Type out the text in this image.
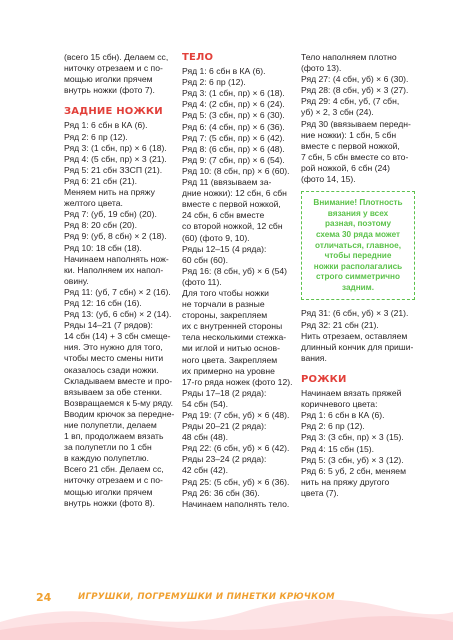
(всего 15 сбн). Делаем сс,
ниточку отрезаем и с по-
мощью иголки прячем
внутрь ножки (фото 7).

ЗАДНИЕ НОЖКИ

Ряд 1: 6 сбн в КА (6).
Ряд 2: 6 пр (12).
Ряд 3: (1 сбн, пр) × 6 (18).
Ряд 4: (5 сбн, пр) × 3 (21).
Ряд 5: 21 сбн ЗЗСП (21).
Ряд 6: 21 сбн (21).
Меняем нить на пряжу
желтого цвета.
Ряд 7: (уб, 19 сбн) (20).
Ряд 8: 20 сбн (20).
Ряд 9: (уб, 8 сбн) × 2 (18).
Ряд 10: 18 сбн (18).
Начинаем наполнять нож-
ки. Наполняем их напол-
овину.
Ряд 11: (уб, 7 сбн) × 2 (16).
Ряд 12: 16 сбн (16).
Ряд 13: (уб, 6 сбн) × 2 (14).
Ряды 14–21 (7 рядов):
14 сбн (14) + 3 сбн смеще-
ния. Это нужно для того,
чтобы место смены нити
оказалось сзади ножки.
Складываем вместе и про-
вязываем за обе стенки.
Возвращаемся к 5-му ряду.
Вводим крючок за передне-
ние полупетли, делаем
1 вп, продолжаем вязать
за полупетли по 1 сбн
в каждую полупетлю.
Всего 21 сбн. Делаем сс,
ниточку отрезаем и с по-
мощью иголки прячем
внутрь ножки (фото 8).

ТЕЛО

Ряд 1: 6 сбн в КА (6).
Ряд 2: 6 пр (12).
Ряд 3: (1 сбн, пр) × 6 (18).
Ряд 4: (2 сбн, пр) × 6 (24).
Ряд 5: (3 сбн, пр) × 6 (30).
Ряд 6: (4 сбн, пр) × 6 (36).
Ряд 7: (5 сбн, пр) × 6 (42).
Ряд 8: (6 сбн, пр) × 6 (48).
Ряд 9: (7 сбн, пр) × 6 (54).
Ряд 10: (8 сбн, пр) × 6 (60).
Ряд 11 (ввязываем за-
дние ножки): 12 сбн, 6 сбн
вместе с первой ножкой,
24 сбн, 6 сбн вместе
со второй ножкой, 12 сбн
(60) (фото 9, 10).
Ряды 12–15 (4 ряда):
60 сбн (60).
Ряд 16: (8 сбн, уб) × 6 (54)
(фото 11).
Для того чтобы ножки
не торчали в разные
стороны, закрепляем
их с внутренней стороны
тела несколькими стежка-
ми иглой и нитью основ-
ного цвета. Закрепляем
их примерно на уровне
17-го ряда ножек (фото 12).
Ряды 17–18 (2 ряда):
54 сбн (54).
Ряд 19: (7 сбн, уб) × 6 (48).
Ряды 20–21 (2 ряда):
48 сбн (48).
Ряд 22: (6 сбн, уб) × 6 (42).
Ряды 23–24 (2 ряда):
42 сбн (42).
Ряд 25: (5 сбн, уб) × 6 (36).
Ряд 26: 36 сбн (36).
Начинаем наполнять тело.

Тело наполняем плотно
(фото 13).
Ряд 27: (4 сбн, уб) × 6 (30).
Ряд 28: (8 сбн, уб) × 3 (27).
Ряд 29: 4 сбн, уб, (7 сбн,
уб) × 2, 3 сбн (24).
Ряд 30 (ввязываем передн-
ние ножки): 1 сбн, 5 сбн
вместе с первой ножкой,
7 сбн, 5 сбн вместе со вто-
рой ножкой, 6 сбн (24)
(фото 14, 15).

Внимание! Плотность
вязания у всех
разная, поэтому
схема 30 ряда может
отличаться, главное,
чтобы передние
ножки располагались
строго симметрично
задним.

Ряд 31: (6 сбн, уб) × 3 (21).
Ряд 32: 21 сбн (21).
Нить отрезаем, оставляем
длинный кончик для приши-
вания.

РОЖКИ

Начинаем вязать пряжей
коричневого цвета:
Ряд 1: 6 сбн в КА (6).
Ряд 2: 6 пр (12).
Ряд 3: (3 сбн, пр) × 3 (15).
Ряд 4: 15 сбн (15).
Ряд 5: (3 сбн, уб) × 3 (12).
Ряд 6: 5 уб, 2 сбн, меняем
нить на пряжу другого
цвета (7).

24	ИГРУШКИ, ПОГРЕМУШКИ И ПИНЕТКИ КРЮЧКОМ
